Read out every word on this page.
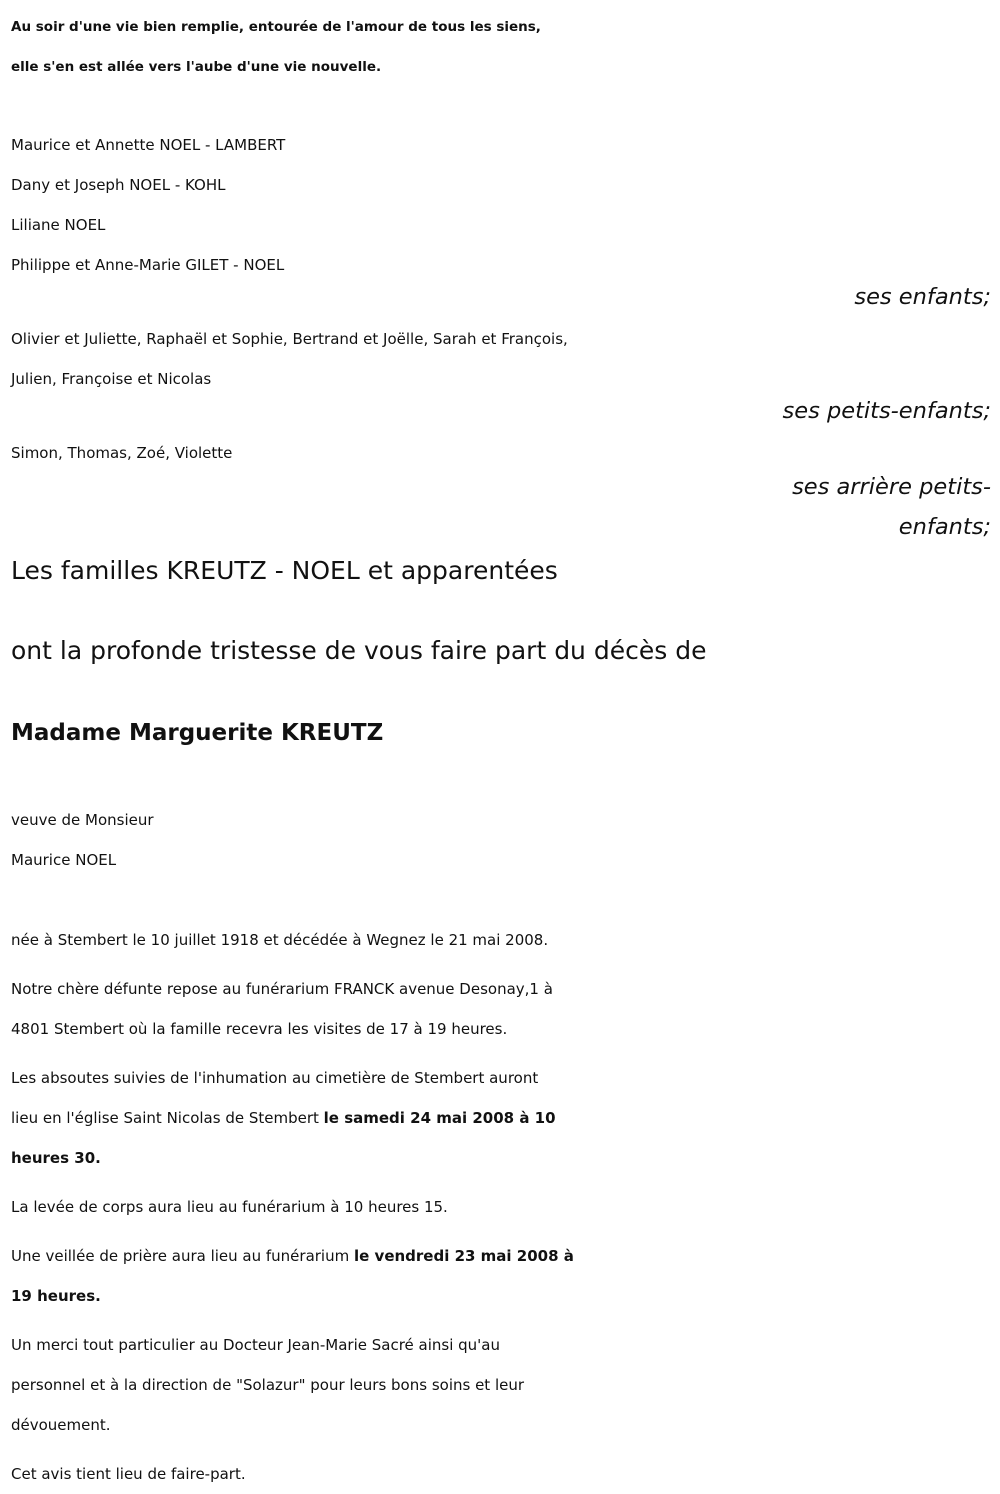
Au soir d'une vie bien remplie, entourée de l'amour de tous les siens,
elle s'en est allée vers l'aube d'une vie nouvelle.
Maurice et Annette NOEL - LAMBERT
Dany et Joseph NOEL - KOHL
Liliane NOEL
Philippe et Anne-Marie GILET - NOEL
ses enfants;
Olivier et Juliette, Raphaël et Sophie, Bertrand et Joëlle, Sarah et François,
Julien, Françoise et Nicolas
ses petits-enfants;
Simon, Thomas, Zoé, Violette
ses arrière petits-
enfants;
Les familles KREUTZ - NOEL et apparentées
ont la profonde tristesse de vous faire part du décès de
Madame Marguerite KREUTZ
veuve de Monsieur
Maurice NOEL
née à Stembert le 10 juillet 1918 et décédée à Wegnez le 21 mai 2008.
Notre chère défunte repose au funérarium FRANCK avenue Desonay,1 à
4801 Stembert où la famille recevra les visites de 17 à 19 heures.
Les absoutes suivies de l'inhumation au cimetière de Stembert auront
lieu en l'église Saint Nicolas de Stembert le samedi 24 mai 2008 à 10
heures 30.
La levée de corps aura lieu au funérarium à 10 heures 15.
Une veillée de prière aura lieu au funérarium le vendredi 23 mai 2008 à
19 heures.
Un merci tout particulier au Docteur Jean-Marie Sacré ainsi qu'au
personnel et à la direction de "Solazur" pour leurs bons soins et leur
dévouement.
Cet avis tient lieu de faire-part.
